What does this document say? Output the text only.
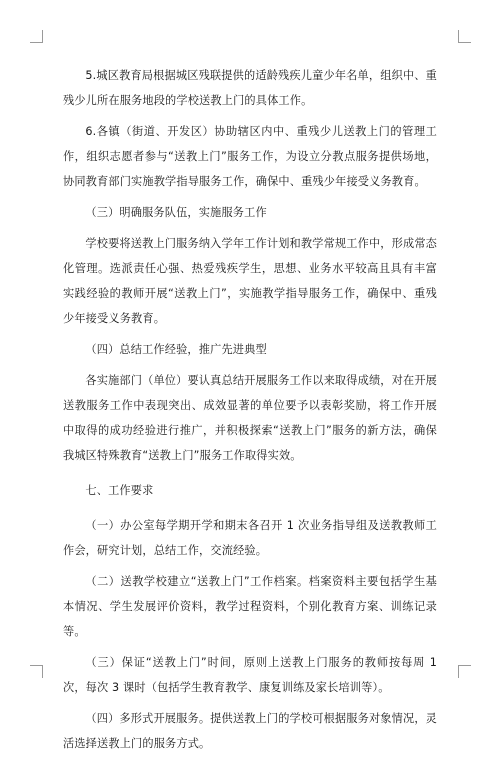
5.城区教育局根据城区残联提供的适龄残疾儿童少年名单，组织中、重残少儿所在服务地段的学校送教上门的具体工作。

6.各镇（街道、开发区）协助辖区内中、重残少儿送教上门的管理工作，组织志愿者参与“送教上门”服务工作，为设立分教点服务提供场地，协同教育部门实施教学指导服务工作，确保中、重残少年接受义务教育。

（三）明确服务队伍，实施服务工作

学校要将送教上门服务纳入学年工作计划和教学常规工作中，形成常态化管理。选派责任心强、热爱残疾学生，思想、业务水平较高且具有丰富实践经验的教师开展“送教上门”，实施教学指导服务工作，确保中、重残少年接受义务教育。

（四）总结工作经验，推广先进典型

各实施部门（单位）要认真总结开展服务工作以来取得成绩，对在开展送教服务工作中表现突出、成效显著的单位要予以表彰奖励，将工作开展中取得的成功经验进行推广，并积极探索“送教上门”服务的新方法，确保我城区特殊教育“送教上门”服务工作取得实效。

七、工作要求

（一）办公室每学期开学和期末各召开 1 次业务指导组及送教教师工作会，研究计划，总结工作，交流经验。

（二）送教学校建立“送教上门”工作档案。档案资料主要包括学生基本情况、学生发展评价资料，教学过程资料，个别化教育方案、训练记录等。

（三）保证“送教上门”时间，原则上送教上门服务的教师按每周 1 次，每次 3 课时（包括学生教育教学、康复训练及家长培训等）。

（四）多形式开展服务。提供送教上门的学校可根据服务对象情况，灵活选择送教上门的服务方式。
